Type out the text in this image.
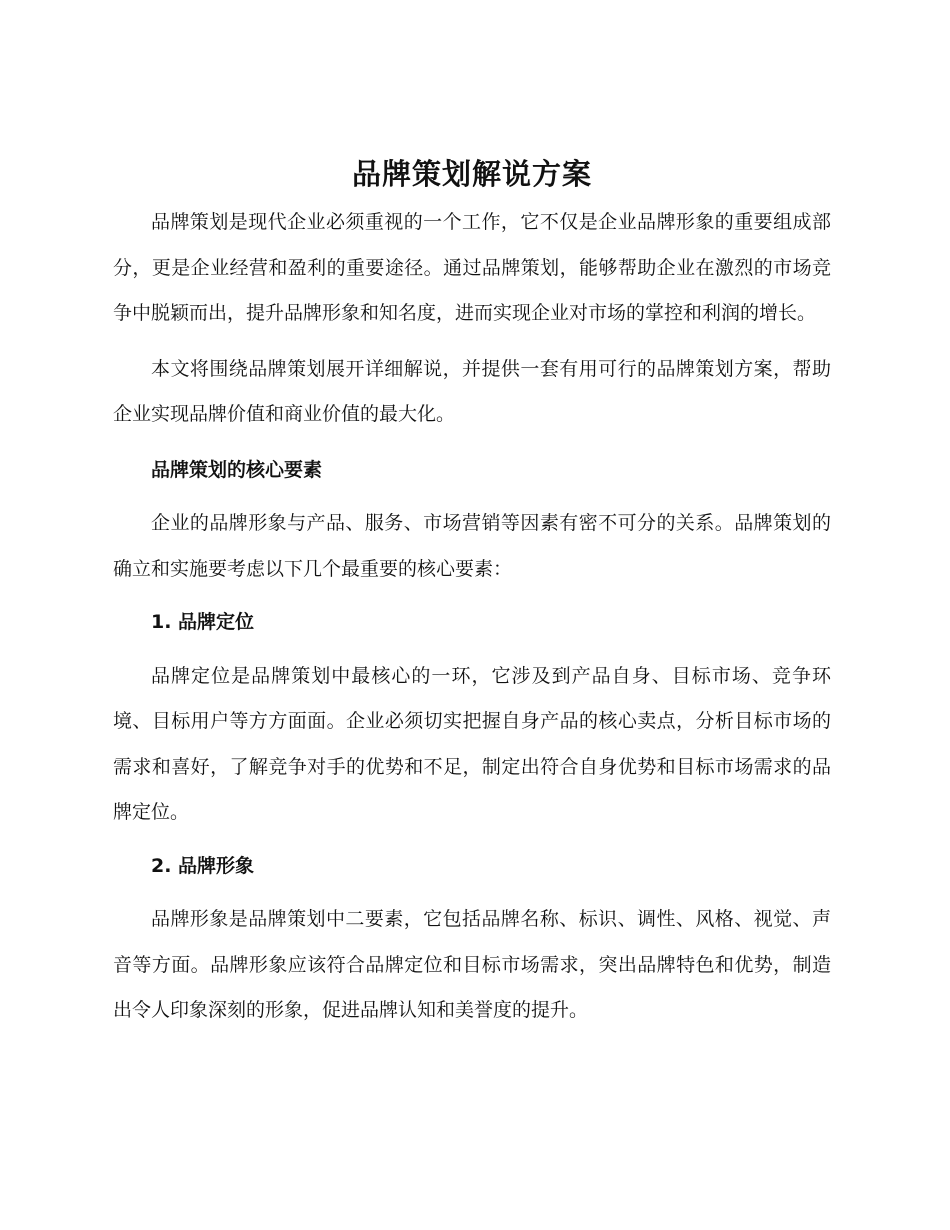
品牌策划解说方案

品牌策划是现代企业必须重视的一个工作，它不仅是企业品牌形象的重要组成部分，更是企业经营和盈利的重要途径。通过品牌策划，能够帮助企业在激烈的市场竞争中脱颖而出，提升品牌形象和知名度，进而实现企业对市场的掌控和利润的增长。

本文将围绕品牌策划展开详细解说，并提供一套有用可行的品牌策划方案，帮助企业实现品牌价值和商业价值的最大化。

品牌策划的核心要素

企业的品牌形象与产品、服务、市场营销等因素有密不可分的关系。品牌策划的确立和实施要考虑以下几个最重要的核心要素：

1. 品牌定位

品牌定位是品牌策划中最核心的一环，它涉及到产品自身、目标市场、竞争环境、目标用户等方方面面。企业必须切实把握自身产品的核心卖点，分析目标市场的需求和喜好，了解竞争对手的优势和不足，制定出符合自身优势和目标市场需求的品牌定位。

2. 品牌形象

品牌形象是品牌策划中二要素，它包括品牌名称、标识、调性、风格、视觉、声音等方面。品牌形象应该符合品牌定位和目标市场需求，突出品牌特色和优势，制造出令人印象深刻的形象，促进品牌认知和美誉度的提升。
